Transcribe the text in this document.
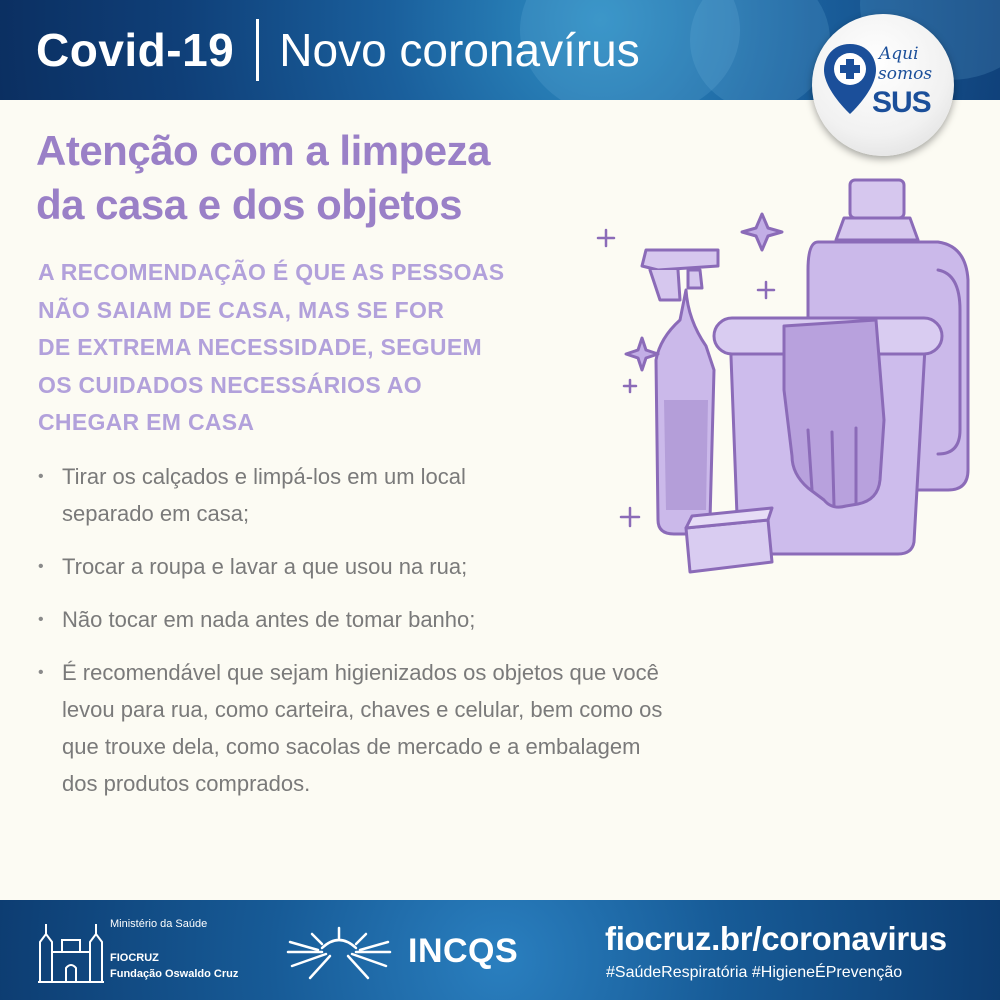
Covid-19 Novo coronavírus	Aqui
somos
SUS
Atenção com a limpeza
da casa e dos objetos
A RECOMENDAÇÃO É QUE AS PESSOAS
NÃO SAIAM DE CASA, MAS SE FOR
DE EXTREMA NECESSIDADE, SEGUEM
OS CUIDADOS NECESSÁRIOS AO
CHEGAR EM CASA
• Tirar os calçados e limpá-los em um local
separado em casa;
• Trocar a roupa e lavar a que usou na rua;
• Não tocar em nada antes de tomar banho;
• É recomendável que sejam higienizados os objetos que você
levou para rua, como carteira, chaves e celular, bem como os
que trouxe dela, como sacolas de mercado e a embalagem
dos produtos comprados.
Ministério da Saúde
FIOCRUZ
Fundação Oswaldo Cruz
INCQS	fiocruz.br/coronavirus
#SaúdeRespiratória #HigieneÉPrevenção
